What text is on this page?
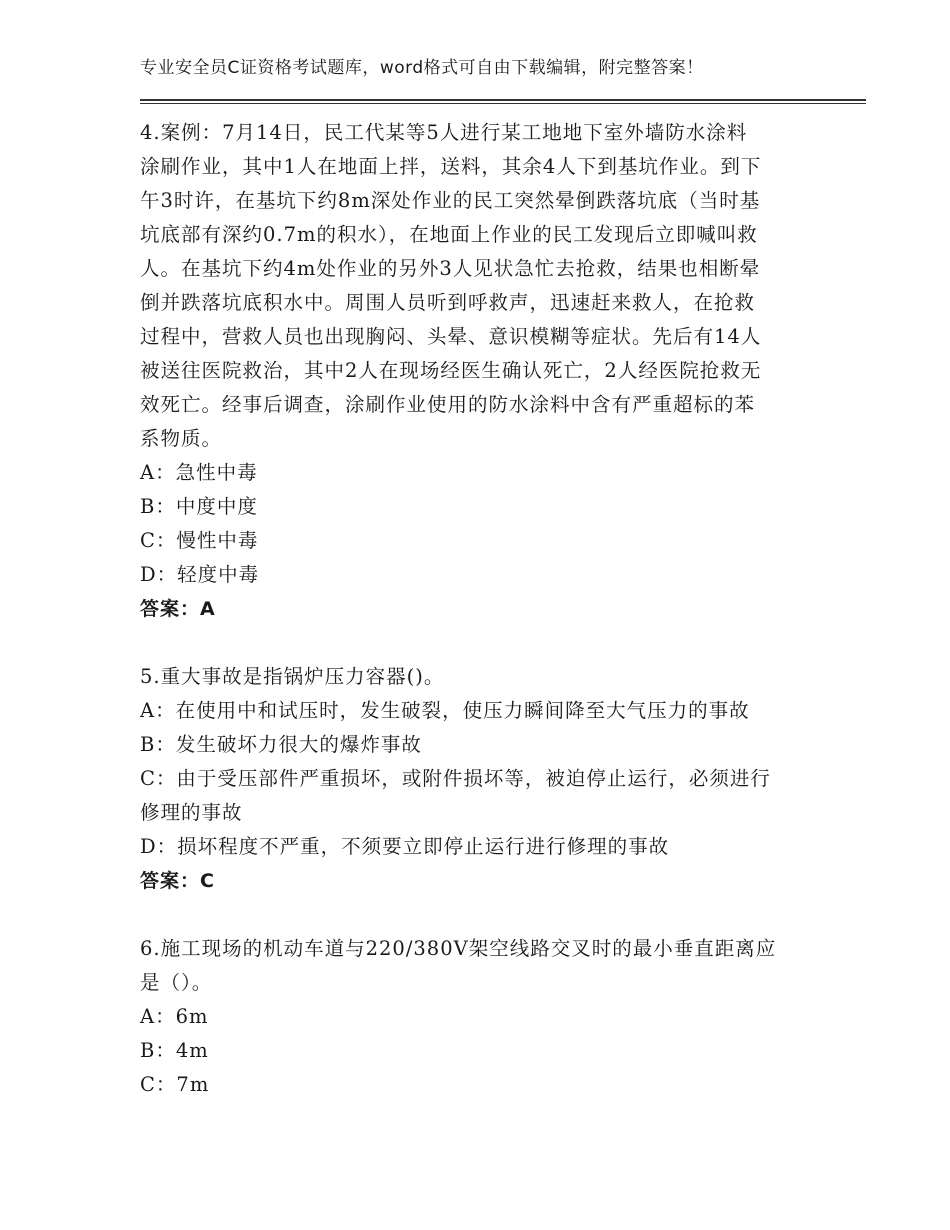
专业安全员C证资格考试题库，word格式可自由下载编辑，附完整答案！
4.案例：7月14日，民工代某等5人进行某工地地下室外墙防水涂料
涂刷作业，其中1人在地面上拌，送料，其余4人下到基坑作业。到下
午3时许，在基坑下约8m深处作业的民工突然晕倒跌落坑底（当时基
坑底部有深约0.7m的积水），在地面上作业的民工发现后立即喊叫救
人。在基坑下约4m处作业的另外3人见状急忙去抢救，结果也相断晕
倒并跌落坑底积水中。周围人员听到呼救声，迅速赶来救人，在抢救
过程中，营救人员也出现胸闷、头晕、意识模糊等症状。先后有14人
被送往医院救治，其中2人在现场经医生确认死亡，2人经医院抢救无
效死亡。经事后调查，涂刷作业使用的防水涂料中含有严重超标的苯
系物质。
A：急性中毒
B：中度中度
C：慢性中毒
D：轻度中毒
答案：A
5.重大事故是指锅炉压力容器()。
A：在使用中和试压时，发生破裂，使压力瞬间降至大气压力的事故
B：发生破坏力很大的爆炸事故
C：由于受压部件严重损坏，或附件损坏等，被迫停止运行，必须进行
修理的事故
D：损坏程度不严重，不须要立即停止运行进行修理的事故
答案：C
6.施工现场的机动车道与220/380V架空线路交叉时的最小垂直距离应
是（）。
A：6m
B：4m
C：7m
